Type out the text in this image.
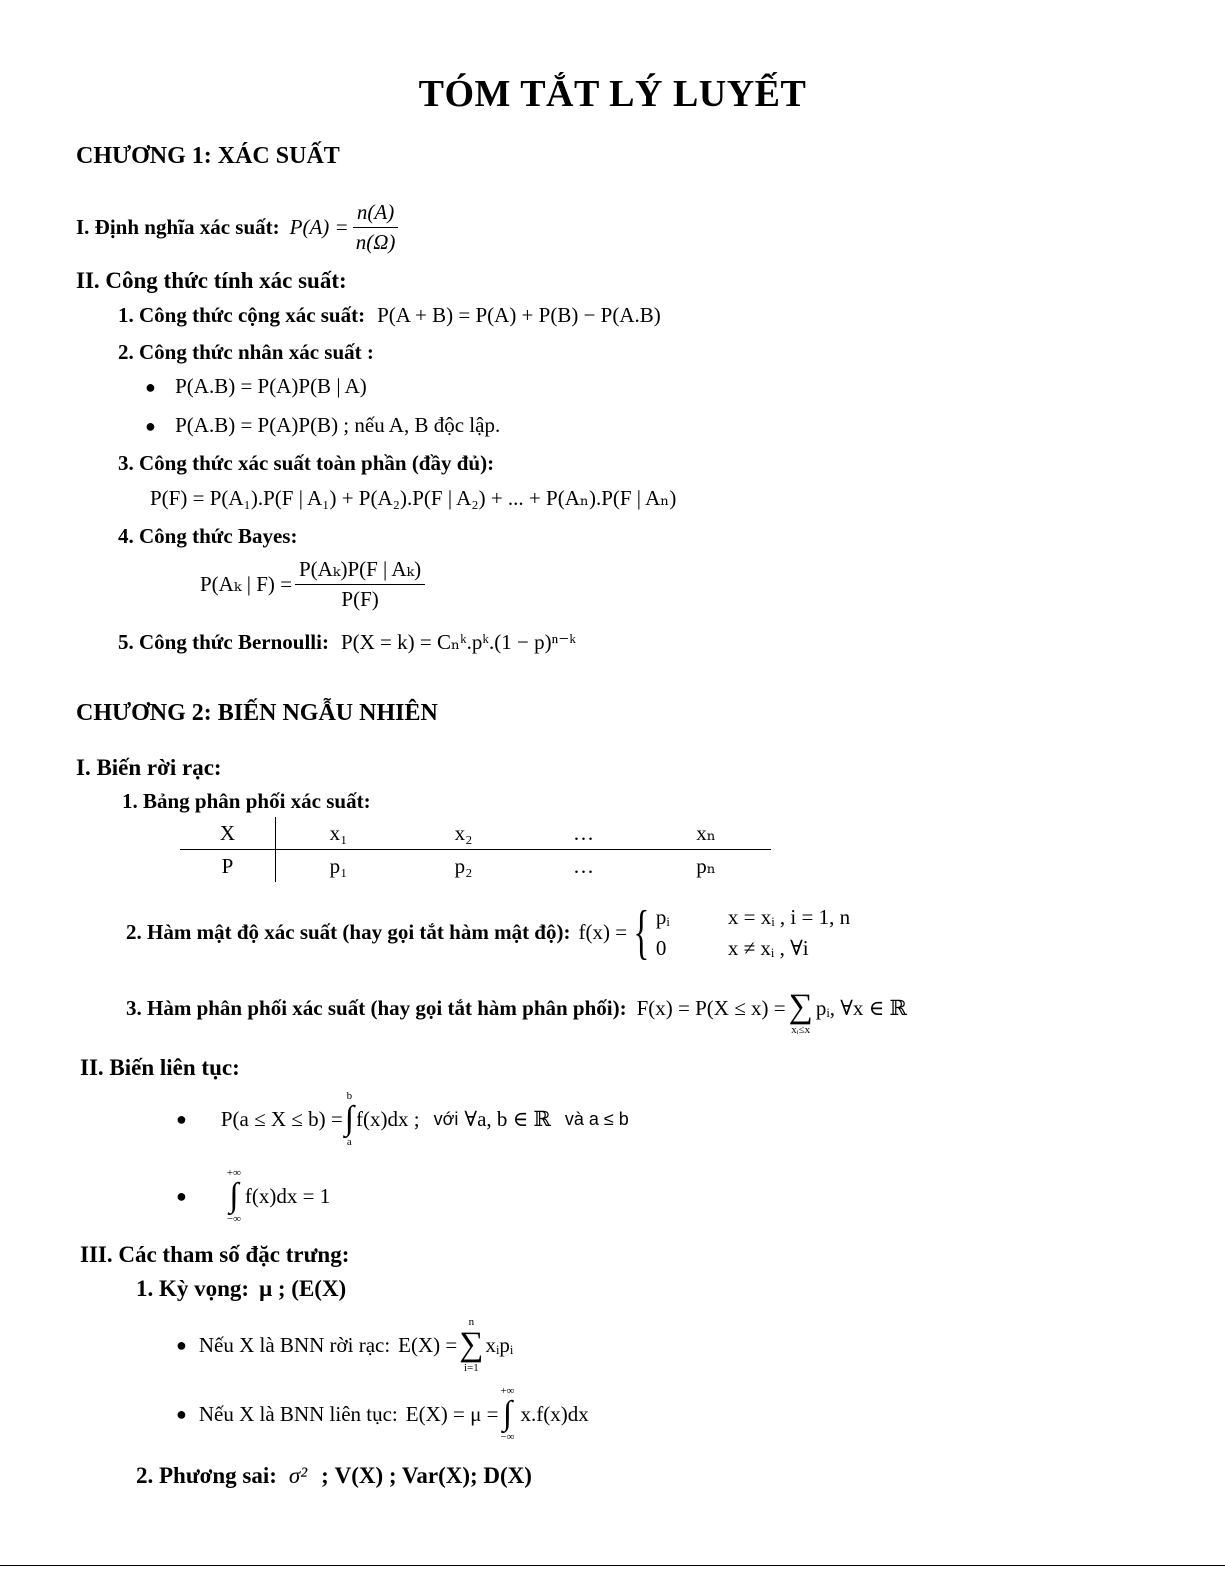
TÓM TẮT LÝ LUYẾT
CHƯƠNG 1: XÁC SUẤT
I. Định nghĩa xác suất: $P(A) = \frac{n(A)}{n(\Omega)}$
II. Công thức tính xác suất:
1. Công thức cộng xác suất: P(A + B) = P(A) + P(B) − P(A.B)
2. Công thức nhân xác suất :
● P(A.B) = P(A)P(B | A)
● P(A.B) = P(A)P(B) ; nếu A, B độc lập.
3. Công thức xác suất toàn phần (đầy đủ):
P(F) = P(A₁).P(F | A₁) + P(A₂).P(F | A₂) + ... + P(Aₙ).P(F | Aₙ)
4. Công thức Bayes:
P(Aₖ | $F) = \frac{\text{P(Aₖ)P(F | Aₖ)}}{P(F)}$
5. Công thức Bernoulli: P(X = k) = Cₙᵏ.pᵏ.(1 − p)ⁿ⁻ᵏ
CHƯƠNG 2: BIẾN NGẪU NHIÊN
I. Biến rời rạc:
1. Bảng phân phối xác suất:
X	x₁	x₂	…	xₙ
P	p₁	p₂	…	pₙ
2. Hàm mật độ xác suất (hay gọi tắt hàm mật độ): f(x) = { pᵢ	x = xᵢ , i = 1, n
0	x ≠ xᵢ , ∀i
3. Hàm phân phối xác suất (hay gọi tắt hàm phân phối): F(x) = P(X ≤ x) = ∑
xᵢ≤x
pᵢ, ∀x ∈ ℝ
II. Biến liên tục:
● P(a ≤ X ≤ b) =
b
∫
a
f(x)dx ; với ∀a, b ∈ ℝ và a ≤ b
●
+∞
∫
−∞
f(x)dx = 1
III. Các tham số đặc trưng:
1. Kỳ vọng: μ ; (E(X)
● Nếu X là BNN rời rạc: E(X) =
n
∑
i=1
xᵢpᵢ
● Nếu X là BNN liên tục: E(X) = μ =
+∞
∫
−∞
x.f(x)dx
2. Phương sai: σ² ; V(X) ; Var(X); D(X)
